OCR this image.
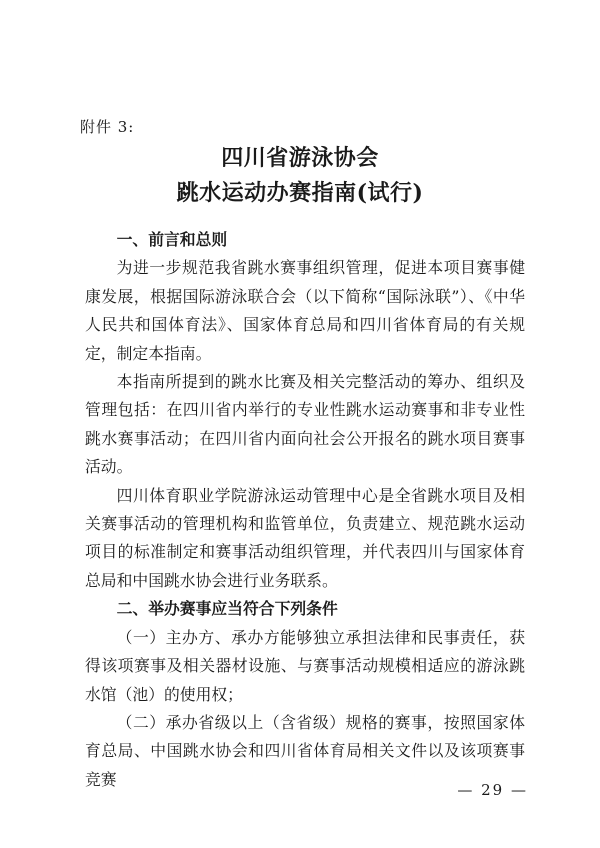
附件 3:
四川省游泳协会
跳水运动办赛指南(试行)
一、前言和总则

为进一步规范我省跳水赛事组织管理，促进本项目赛事健康发展，根据国际游泳联合会（以下简称“国际泳联”）、《中华人民共和国体育法》、国家体育总局和四川省体育局的有关规定，制定本指南。

本指南所提到的跳水比赛及相关完整活动的筹办、组织及管理包括：在四川省内举行的专业性跳水运动赛事和非专业性跳水赛事活动；在四川省内面向社会公开报名的跳水项目赛事活动。

四川体育职业学院游泳运动管理中心是全省跳水项目及相关赛事活动的管理机构和监管单位，负责建立、规范跳水运动项目的标准制定和赛事活动组织管理，并代表四川与国家体育总局和中国跳水协会进行业务联系。

二、举办赛事应当符合下列条件

（一）主办方、承办方能够独立承担法律和民事责任，获得该项赛事及相关器材设施、与赛事活动规模相适应的游泳跳水馆（池）的使用权；

（二）承办省级以上（含省级）规格的赛事，按照国家体育总局、中国跳水协会和四川省体育局相关文件以及该项赛事竞赛

— 29 —
